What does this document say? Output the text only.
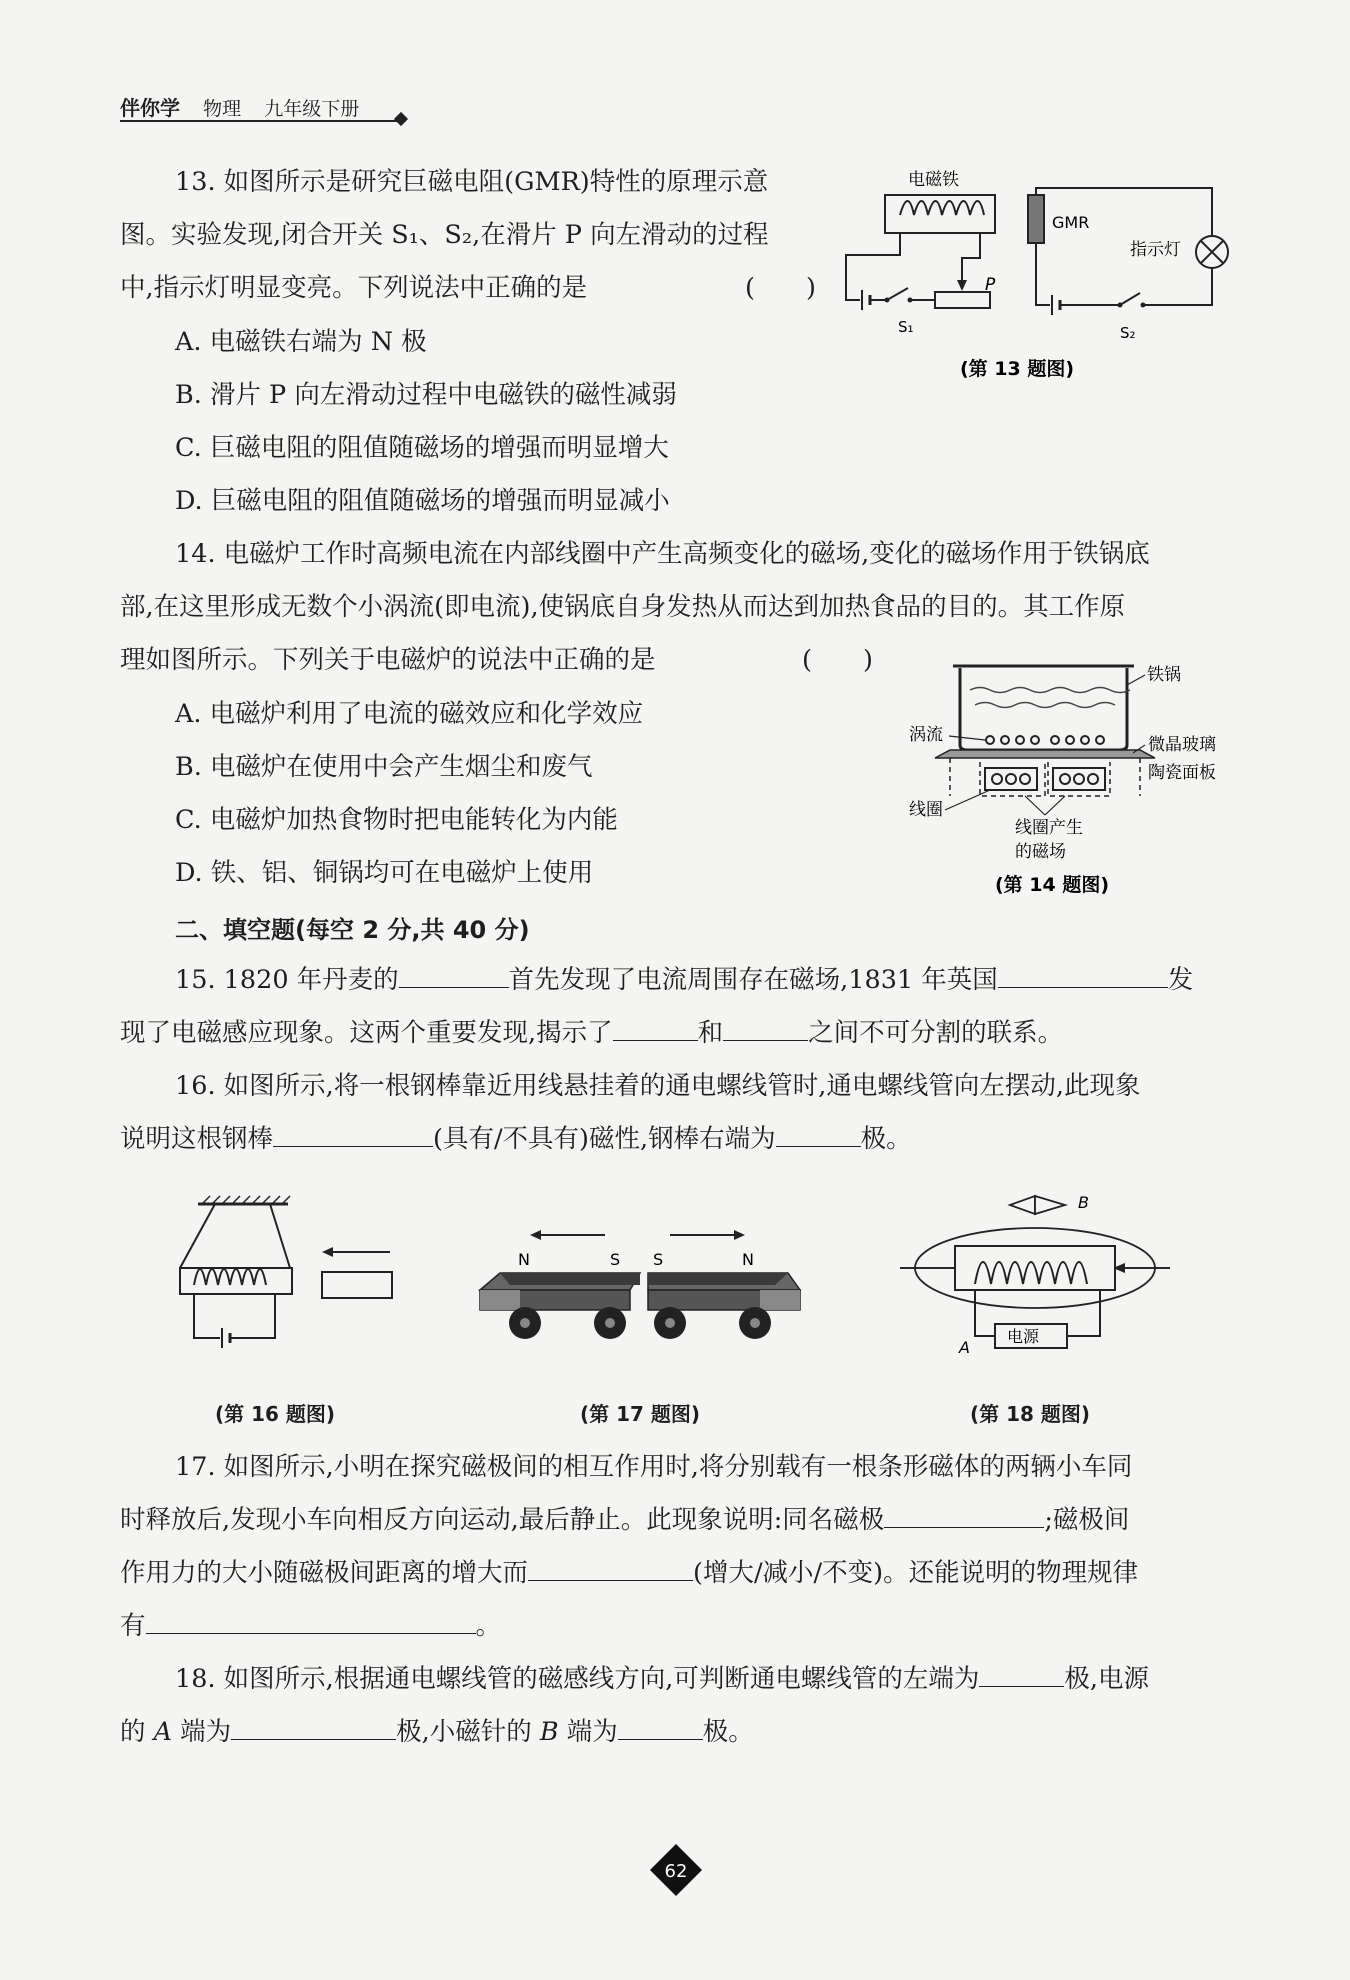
伴你学 物理 九年级下册
13. 如图所示是研究巨磁电阻(GMR)特性的原理示意
图。实验发现,闭合开关 S₁、S₂,在滑片 P 向左滑动的过程
中,指示灯明显变亮。下列说法中正确的是	(　　)
A. 电磁铁右端为 N 极
B. 滑片 P 向左滑动过程中电磁铁的磁性减弱
C. 巨磁电阻的阻值随磁场的增强而明显增大
D. 巨磁电阻的阻值随磁场的增强而明显减小
电磁铁
P
S₁
GMR
S₂
指示灯
(第 13 题图)
14. 电磁炉工作时高频电流在内部线圈中产生高频变化的磁场,变化的磁场作用于铁锅底
部,在这里形成无数个小涡流(即电流),使锅底自身发热从而达到加热食品的目的。其工作原
理如图所示。下列关于电磁炉的说法中正确的是	(　　)
A. 电磁炉利用了电流的磁效应和化学效应
B. 电磁炉在使用中会产生烟尘和废气
C. 电磁炉加热食物时把电能转化为内能
D. 铁、铝、铜锅均可在电磁炉上使用
铁锅
涡流	微晶玻璃
陶瓷面板
线圈
线圈产生
的磁场
(第 14 题图)
二、填空题(每空 2 分,共 40 分)
15. 1820 年丹麦的	首先发现了电流周围存在磁场,1831 年英国	发
现了电磁感应现象。这两个重要发现,揭示了	和	之间不可分割的联系。
16. 如图所示,将一根钢棒靠近用线悬挂着的通电螺线管时,通电螺线管向左摆动,此现象
说明这根钢棒	(具有/不具有)磁性,钢棒右端为	极。
N	S S	N
B
电源
A
(第 16 题图)	(第 17 题图)	(第 18 题图)
17. 如图所示,小明在探究磁极间的相互作用时,将分别载有一根条形磁体的两辆小车同
时释放后,发现小车向相反方向运动,最后静止。此现象说明:同名磁极	;磁极间
作用力的大小随磁极间距离的增大而	(增大/减小/不变)。还能说明的物理规律
有	。
18. 如图所示,根据通电螺线管的磁感线方向,可判断通电螺线管的左端为	极,电源
的 A 端为	极,小磁针的 B 端为	极。
62
